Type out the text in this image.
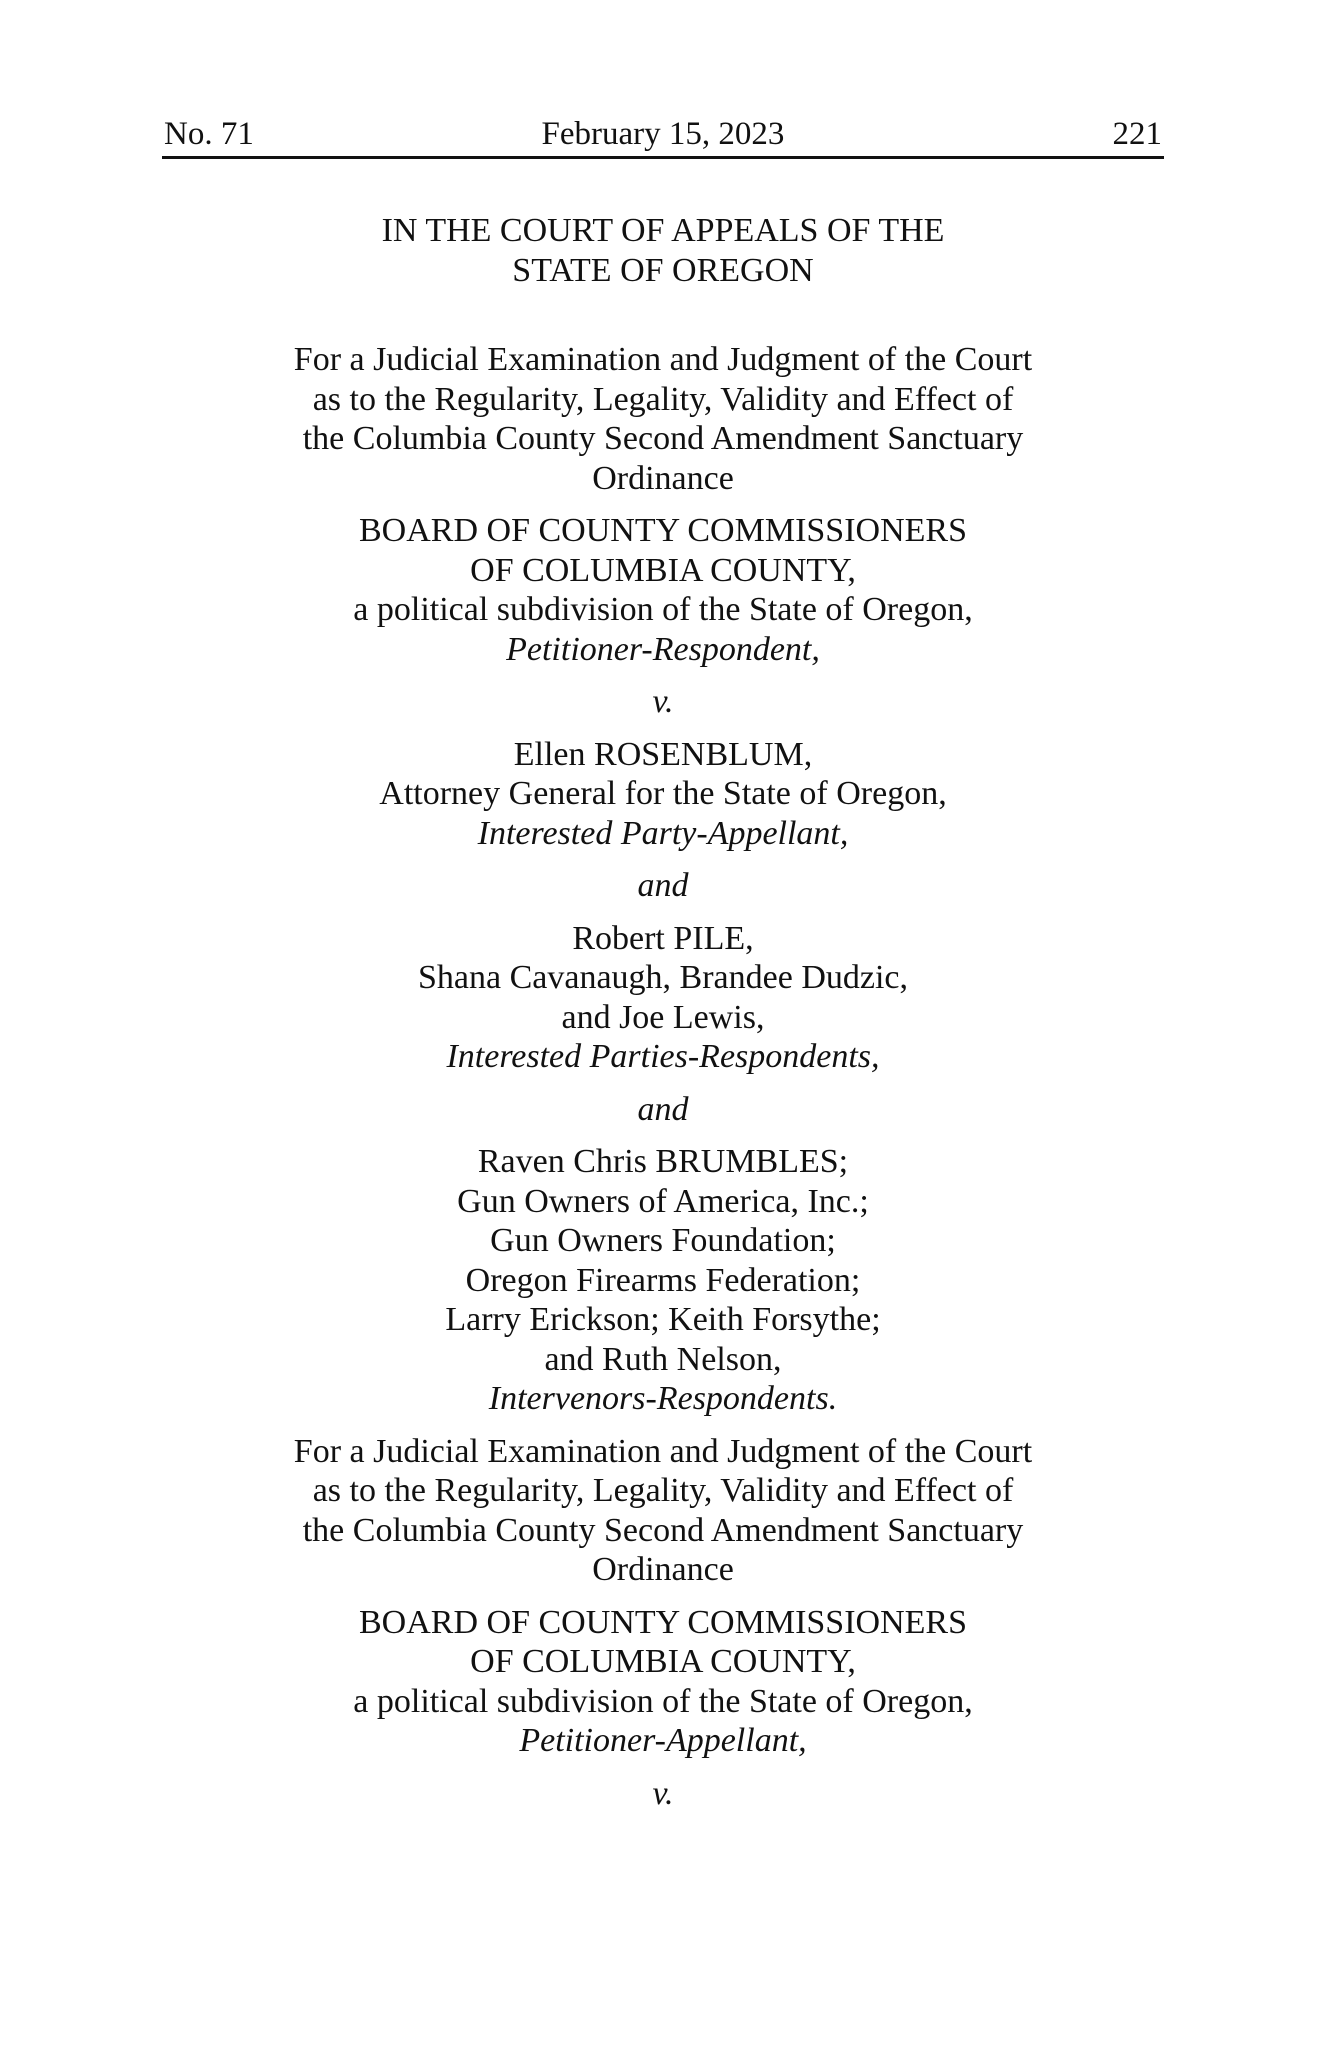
No. 71	February 15, 2023	221
IN THE COURT OF APPEALS OF THE
STATE OF OREGON
For a Judicial Examination and Judgment of the Court
as to the Regularity, Legality, Validity and Effect of
the Columbia County Second Amendment Sanctuary
Ordinance
BOARD OF COUNTY COMMISSIONERS
OF COLUMBIA COUNTY,
a political subdivision of the State of Oregon,
Petitioner-Respondent,
v.
Ellen ROSENBLUM,
Attorney General for the State of Oregon,
Interested Party-Appellant,
and
Robert PILE,
Shana Cavanaugh, Brandee Dudzic,
and Joe Lewis,
Interested Parties-Respondents,
and
Raven Chris BRUMBLES;
Gun Owners of America, Inc.;
Gun Owners Foundation;
Oregon Firearms Federation;
Larry Erickson; Keith Forsythe;
and Ruth Nelson,
Intervenors-Respondents.
For a Judicial Examination and Judgment of the Court
as to the Regularity, Legality, Validity and Effect of
the Columbia County Second Amendment Sanctuary
Ordinance
BOARD OF COUNTY COMMISSIONERS
OF COLUMBIA COUNTY,
a political subdivision of the State of Oregon,
Petitioner-Appellant,
v.
